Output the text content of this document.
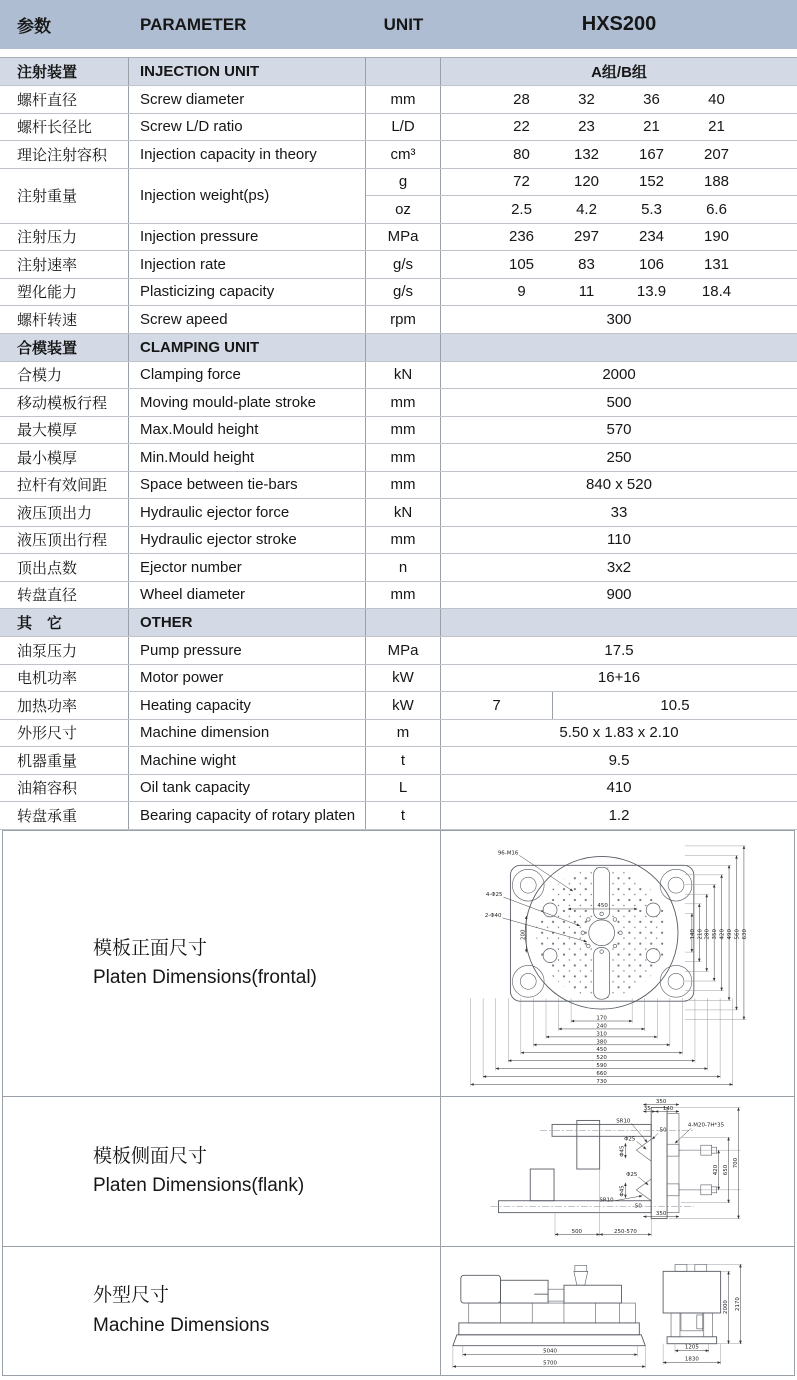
参数	PARAMETER	UNIT	HXS200
注射装置	INJECTION UNIT	A组/B组
螺杆直径	Screw diameter	mm	28	32	36	40
螺杆长径比	Screw L/D ratio	L/D	22	23	21	21
理论注射容积 Injection capacity in theory	cm³	80	132	167	207
注射重量	Injection weight(ps)
g	72	120	152	188
oz	2.5	4.2	5.3	6.6
注射压力	Injection pressure	MPa	236	297	234	190
注射速率	Injection rate	g/s	105	83	106	131
塑化能力	Plasticizing capacity	g/s	9	11	13.9	18.4
螺杆转速	Screw apeed	rpm	300
合模装置	CLAMPING UNIT
合模力	Clamping force	kN	2000
移动模板行程 Moving mould-plate stroke	mm	500
最大模厚	Max.Mould height	mm	570
最小模厚	Min.Mould height	mm	250
拉杆有效间距 Space between tie-bars	mm	840 x 520
液压顶出力	Hydraulic ejector force	kN	33
液压顶出行程 Hydraulic ejector stroke	mm	110
顶出点数	Ejector number	n	3x2
转盘直径	Wheel diameter	mm	900
其　它	OTHER
油泵压力	Pump pressure	MPa	17.5
电机功率	Motor power	kW	16+16
加热功率	Heating capacity	kW	7	10.5
外形尺寸	Machine dimension	m	5.50 x 1.83 x 2.10
机器重量	Machine wight	t	9.5
油箱容积	Oil tank capacity	L	410
转盘承重	Bearing capacity of rotary platen	t	1.2
模板正面尺寸
Platen Dimensions(frontal)
96-M16
4-Φ25
2-Φ40
450
200
170
240
310
380
450
520
590
660
730
140 210 280 350 420 490 560 630
模板侧面尺寸
Platen Dimensions(flank)
350
35 140
SR10
50
Φ25
Φ45
4-M20-7H*35
420 650
700
Φ25
Φ45
SR10
50
350
500	250-570
外型尺寸
Machine Dimensions
5040
5700
1205
1830
2000 2170
